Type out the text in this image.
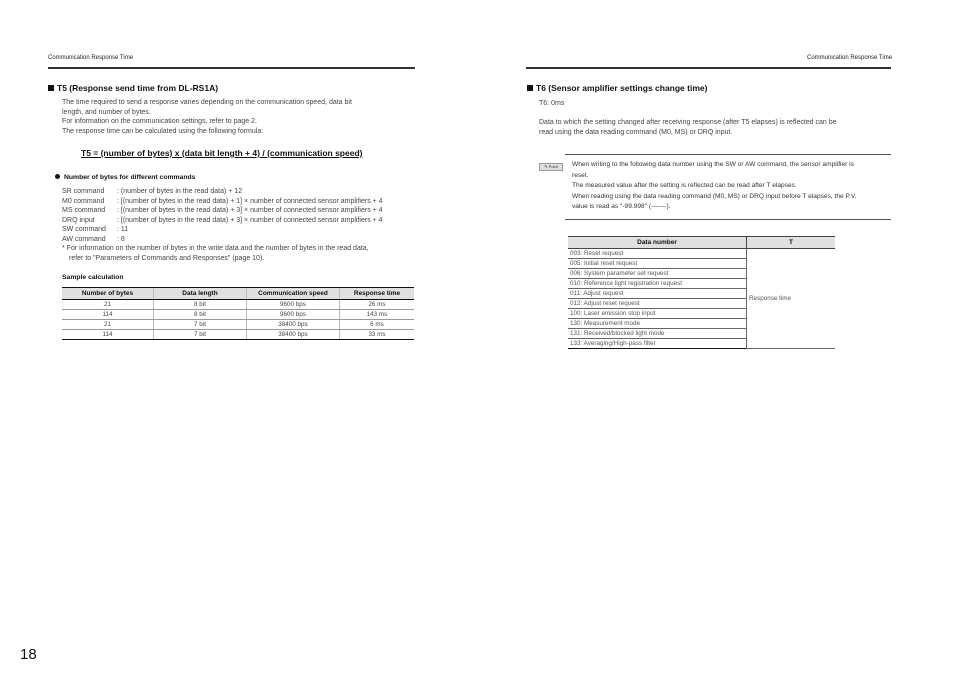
Communication Response Time	Communication Response Time
T5 (Response send time from DL-RS1A)
The time required to send a response varies depending on the communication speed, data bit
length, and number of bytes.
For information on the communication settings, refer to page 2.
The response time can be calculated using the following formula:
T5 = (number of bytes) x (data bit length + 4) / (communication speed)
Number of bytes for different commands
SR command	: (number of bytes in the read data) + 12
M0 command	: [(number of bytes in the read data) + 1] × number of connected sensor amplifiers + 4
MS command	: [(number of bytes in the read data) + 3] × number of connected sensor amplifiers + 4
DRQ input	: [(number of bytes in the read data) + 3] × number of connected sensor amplifiers + 4
SW command	: 11
AW command	: 8
* For information on the number of bytes in the write data and the number of bytes in the read data,
refer to "Parameters of Commands and Responses" (page 10).
Sample calculation
Number of bytes	Data length	Communication speed	Response time
21	8 bit	9600 bps	26 ms
114	8 bit	9600 bps	143 ms
21	7 bit	38400 bps	6 ms
114	7 bit	38400 bps	33 ms
18
T6 (Sensor amplifier settings change time)
T6: 0ms
Data to which the setting changed after receiving response (after T5 elapses) is reflected can be
read using the data reading command (M0, MS) or DRQ input.
✎ Point	When writing to the following data number using the SW or AW command, the sensor amplifier is
reset.
The measured value after the setting is reflected can be read after T elapses.
When reading using the data reading command (M0, MS) or DRQ input before T elapses, the P.V.
value is read as "-99.998" (-------).
Data number	T
003: Reset request	Response time
005: Initial reset request	
006: System parameter set request	
010: Reference light registration request	
011: Adjust request	
012: Adjust reset request	
100: Laser emission stop input	
130: Measurement mode	
131: Received/blocked light mode	
133: Averaging/High-pass filter	
